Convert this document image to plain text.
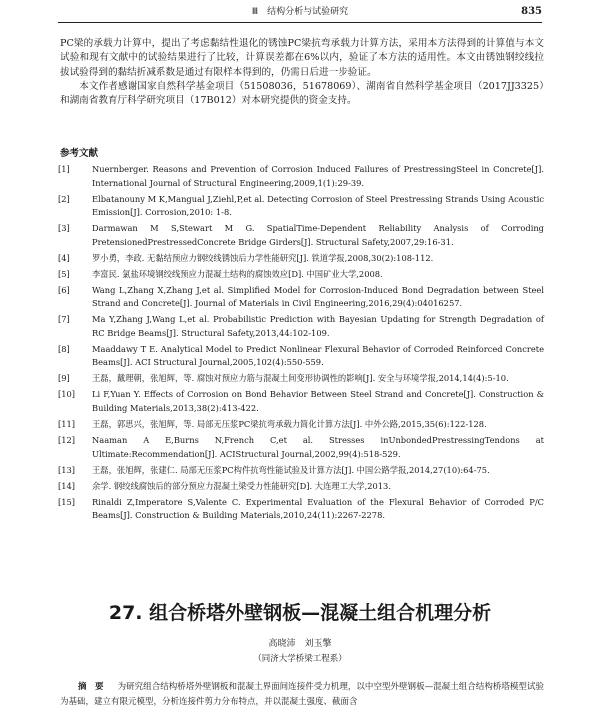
Ⅲ　结构分析与试验研究	835

PC梁的承载力计算中，提出了考虑黏结性退化的锈蚀PC梁抗弯承载力计算方法，采用本方法得到的计算值与本文试验和现有文献中的试验结果进行了比较，计算误差都在6%以内，验证了本方法的适用性。本文由锈蚀钢绞线拉拔试验得到的黏结折减系数是通过有限样本得到的，仍需日后进一步验证。

本文作者感谢国家自然科学基金项目（51508036，51678069）、湖南省自然科学基金项目（2017JJ3325）和湖南省教育厅科学研究项目（17B012）对本研究提供的资金支持。

参考文献
[1]	Nuernberger. Reasons and Prevention of Corrosion Induced Failures of PrestressingSteel in Concrete[J]. International Journal of Structural Engineering,2009,1(1):29-39.
[2]	Elbatanouny M K,Mangual J,Ziehl,P,et al. Detecting Corrosion of Steel Prestressing Strands Using Acoustic Emission[J]. Corrosion,2010: 1-8.
[3]	Darmawan M S,Stewart M G. SpatialTime-Dependent Reliability Analysis of Corroding PretensionedPrestressedConcrete Bridge Girders[J]. Structural Safety,2007,29:16-31.
[4]	罗小勇，李政. 无黏结预应力钢绞线锈蚀后力学性能研究[J]. 铁道学报,2008,30(2):108-112.
[5]	李富民. 氯盐环境钢绞线预应力混凝土结构的腐蚀效应[D]. 中国矿业大学,2008.
[6]	Wang L,Zhang X,Zhang J,et al. Simplified Model for Corrosion-Induced Bond Degradation between Steel Strand and Concrete[J]. Journal of Materials in Civil Engineering,2016,29(4):04016257.
[7]	Ma Y,Zhang J,Wang L,et al. Probabilistic Prediction with Bayesian Updating for Strength Degradation of RC Bridge Beams[J]. Structural Safety,2013,44:102-109.
[8]	Maaddawy T E. Analytical Model to Predict Nonlinear Flexural Behavior of Corroded Reinforced Concrete Beams[J]. ACI Structural Journal,2005,102(4):550-559.
[9]	王磊，戴理朝，张旭辉，等. 腐蚀对预应力筋与混凝土间变形协调性的影响[J]. 安全与环境学报,2014,14(4):5-10.
[10] Li F,Yuan Y. Effects of Corrosion on Bond Behavior Between Steel Strand and Concrete[J]. Construction & Building Materials,2013,38(2):413-422.
[11] 王磊，郭思兴，张旭辉，等. 局部无压浆PC梁抗弯承载力简化计算方法[J]. 中外公路,2015,35(6):122-128.
[12] Naaman A E,Burns N,French C,et al. Stresses inUnbondedPrestressingTendons at Ultimate:Recommendation[J]. ACIStructural Journal,2002,99(4):518-529.
[13] 王磊，张旭辉，张建仁. 局部无压浆PC构件抗弯性能试验及计算方法[J]. 中国公路学报,2014,27(10):64-75.
[14] 余学. 钢绞线腐蚀后的部分预应力混凝土梁受力性能研究[D]. 大连理工大学,2013.
[15] Rinaldi Z,Imperatore S,Valente C. Experimental Evaluation of the Flexural Behavior of Corroded P/C Beams[J]. Construction & Building Materials,2010,24(11):2267-2278.
27. 组合桥塔外壁钢板—混凝土组合机理分析
高晓沛　刘玉擎
（同济大学桥梁工程系）
摘　要 为研究组合结构桥塔外壁钢板和混凝土界面间连接件受力机理，以中空型外壁钢板—混凝土组合结构桥塔模型试验为基础，建立有限元模型，分析连接件剪力分布特点，并以混凝土强度、截面含
